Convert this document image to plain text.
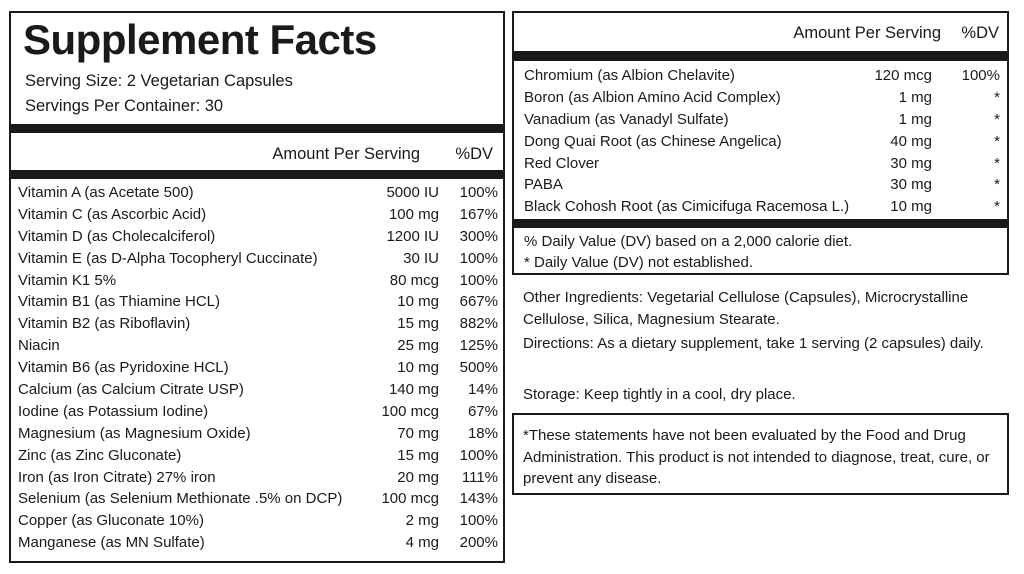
Supplement Facts
Serving Size: 2 Vegetarian Capsules
Servings Per Container: 30
Amount Per Serving %DV
Vitamin A (as Acetate 500)	5000 IU 100%
Vitamin C (as Ascorbic Acid)	100 mg 167%
Vitamin D (as Cholecalciferol)	1200 IU 300%
Vitamin E (as D-Alpha Tocopheryl Cuccinate)	30 IU 100%
Vitamin K1 5%	80 mcg 100%
Vitamin B1 (as Thiamine HCL)	10 mg 667%
Vitamin B2 (as Riboflavin)	15 mg 882%
Niacin	25 mg 125%
Vitamin B6 (as Pyridoxine HCL)	10 mg 500%
Calcium (as Calcium Citrate USP)	140 mg 14%
Iodine (as Potassium Iodine)	100 mcg 67%
Magnesium (as Magnesium Oxide)	70 mg 18%
Zinc (as Zinc Gluconate)	15 mg 100%
Iron (as Iron Citrate) 27% iron	20 mg 111%
Selenium (as Selenium Methionate .5% on DCP)	100 mcg 143%
Copper (as Gluconate 10%)	2 mg 100%
Manganese (as MN Sulfate)	4 mg 200%
Amount Per Serving %DV
Chromium (as Albion Chelavite)	120 mcg 100%
Boron (as Albion Amino Acid Complex)	1 mg	*
Vanadium (as Vanadyl Sulfate)	1 mg	*
Dong Quai Root (as Chinese Angelica)	40 mg	*
Red Clover	30 mg	*
PABA	30 mg	*
Black Cohosh Root (as Cimicifuga Racemosa L.)	10 mg	*
% Daily Value (DV) based on a 2,000 calorie diet.
* Daily Value (DV) not established.
Other Ingredients: Vegetarial Cellulose (Capsules), Microcrystalline Cellulose, Silica, Magnesium Stearate.
Directions: As a dietary supplement, take 1 serving (2 capsules) daily.
Storage: Keep tightly in a cool, dry place.
*These statements have not been evaluated by the Food and Drug Administration. This product is not intended to diagnose, treat, cure, or prevent any disease.
